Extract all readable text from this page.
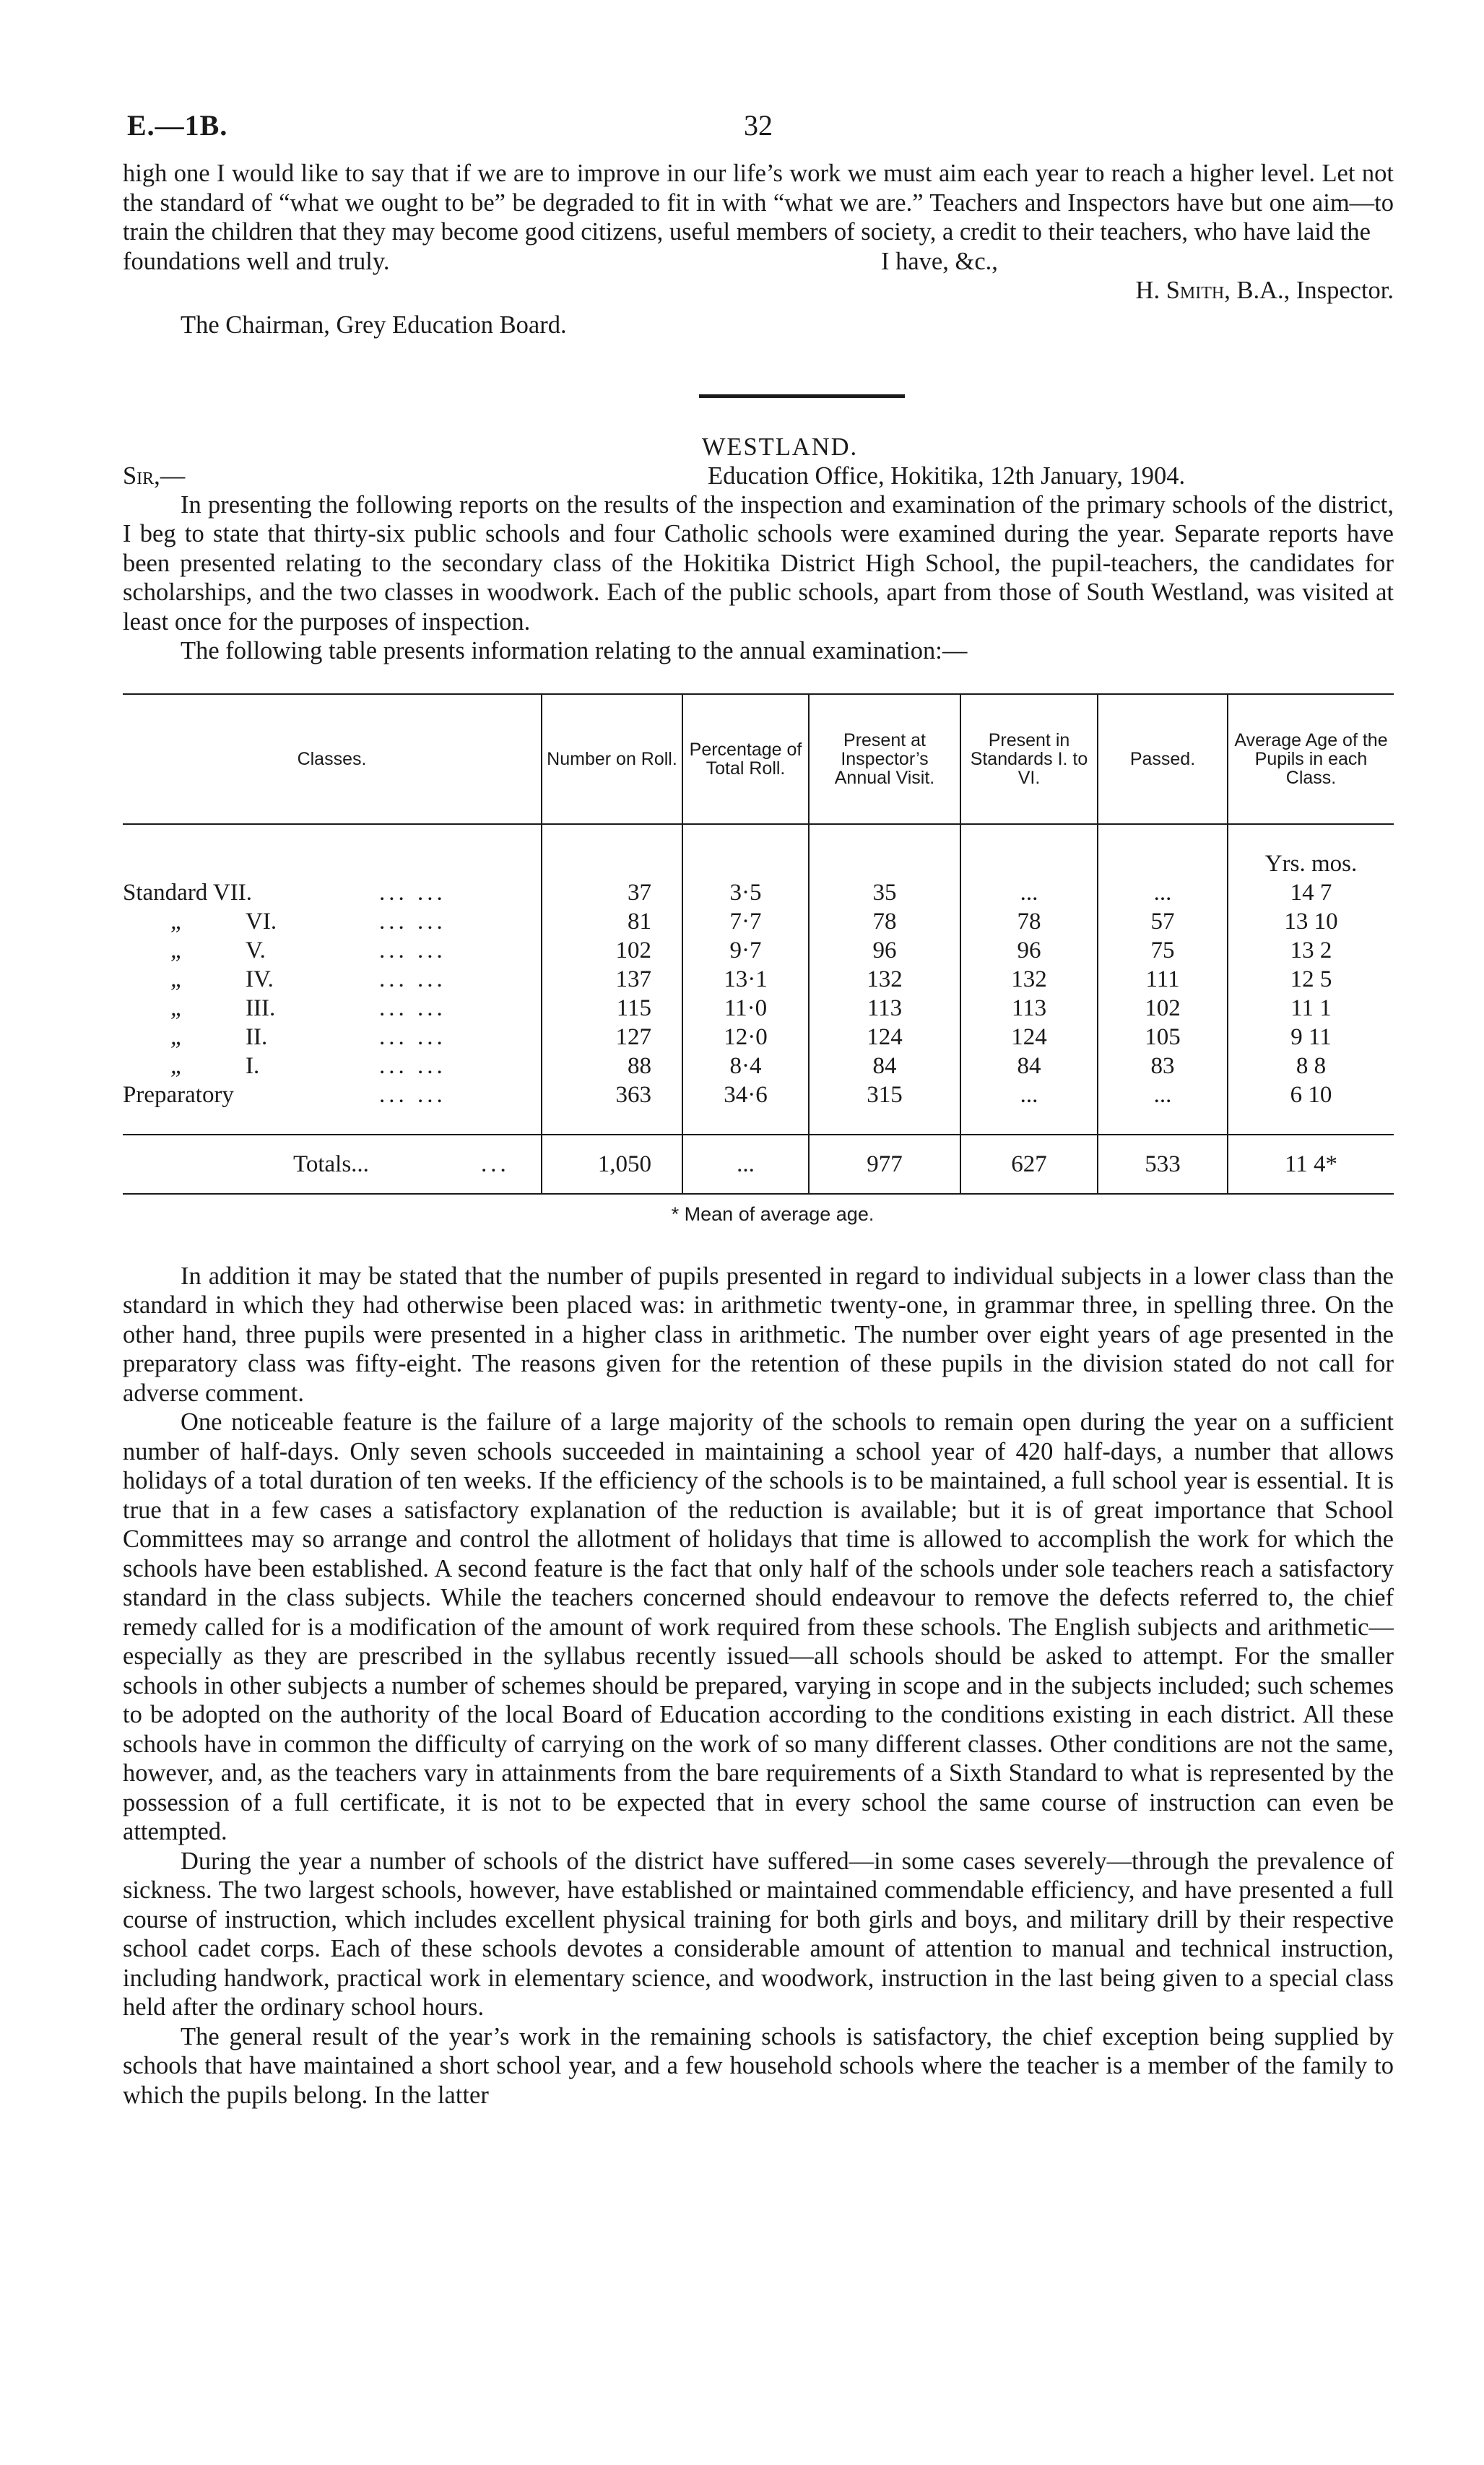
E.—1B.	32

high one I would like to say that if we are to improve in our life’s work we must aim each year to reach a higher level. Let not the standard of “what we ought to be” be degraded to fit in with “what we are.” Teachers and Inspectors have but one aim—to train the children that they may become good citizens, useful members of society, a credit to their teachers, who have laid the

foundations well and truly.	I have, &c.,
H. Smith, B.A., Inspector.
The Chairman, Grey Education Board.
WESTLAND.
Sir,—	Education Office, Hokitika, 12th January, 1904.

In presenting the following reports on the results of the inspection and examination of the primary schools of the district, I beg to state that thirty-six public schools and four Catholic schools were examined during the year. Separate reports have been presented relating to the secondary class of the Hokitika District High School, the pupil-teachers, the candidates for scholarships, and the two classes in woodwork. Each of the public schools, apart from those of South Westland, was visited at least once for the purposes of inspection.

The following table presents information relating to the annual examination:—

Classes.	Number on Roll.	Percentage of Total Roll.	Present at Inspector’s Annual Visit.	Present in Standards I. to VI.	Passed.	Average Age of the Pupils in each Class.

						Yrs. mos.

Standard VII. ... ...	37	3·5	35	...	...	14 7

„ VI. ... ...	81	7·7	78	78	57	13 10

„ V. ... ...	102	9·7	96	96	75	13 2

„ IV. ... ...	137	13·1	132	132	111	12 5

„ III. ... ...	115	11·0	113	113	102	11 1

„ II. ... ...	127	12·0	124	124	105	9 11

„ I. ... ...	88	8·4	84	84	83	8 8

Preparatory ... ...	363	34·6	315	...	...	6 10

Totals... ...	1,050	...	977	627	533	11 4*
* Mean of average age.

In addition it may be stated that the number of pupils presented in regard to individual subjects in a lower class than the standard in which they had otherwise been placed was: in arithmetic twenty-one, in grammar three, in spelling three. On the other hand, three pupils were presented in a higher class in arithmetic. The number over eight years of age presented in the preparatory class was fifty-eight. The reasons given for the retention of these pupils in the division stated do not call for adverse comment.

One noticeable feature is the failure of a large majority of the schools to remain open during the year on a sufficient number of half-days. Only seven schools succeeded in maintaining a school year of 420 half-days, a number that allows holidays of a total duration of ten weeks. If the efficiency of the schools is to be maintained, a full school year is essential. It is true that in a few cases a satisfactory explanation of the reduction is available; but it is of great importance that School Committees may so arrange and control the allotment of holidays that time is allowed to accomplish the work for which the schools have been established. A second feature is the fact that only half of the schools under sole teachers reach a satisfactory standard in the class subjects. While the teachers concerned should endeavour to remove the defects referred to, the chief remedy called for is a modification of the amount of work required from these schools. The English subjects and arithmetic—especially as they are prescribed in the syllabus recently issued—all schools should be asked to attempt. For the smaller schools in other subjects a number of schemes should be prepared, varying in scope and in the subjects included; such schemes to be adopted on the authority of the local Board of Education according to the conditions existing in each district. All these schools have in common the difficulty of carrying on the work of so many different classes. Other conditions are not the same, however, and, as the teachers vary in attainments from the bare requirements of a Sixth Standard to what is represented by the possession of a full certificate, it is not to be expected that in every school the same course of instruction can even be attempted.

During the year a number of schools of the district have suffered—in some cases severely—through the prevalence of sickness. The two largest schools, however, have established or maintained commendable efficiency, and have presented a full course of instruction, which includes excellent physical training for both girls and boys, and military drill by their respective school cadet corps. Each of these schools devotes a considerable amount of attention to manual and technical instruction, including handwork, practical work in elementary science, and woodwork, instruction in the last being given to a special class held after the ordinary school hours.

The general result of the year’s work in the remaining schools is satisfactory, the chief exception being supplied by schools that have maintained a short school year, and a few household schools where the teacher is a member of the family to which the pupils belong. In the latter
